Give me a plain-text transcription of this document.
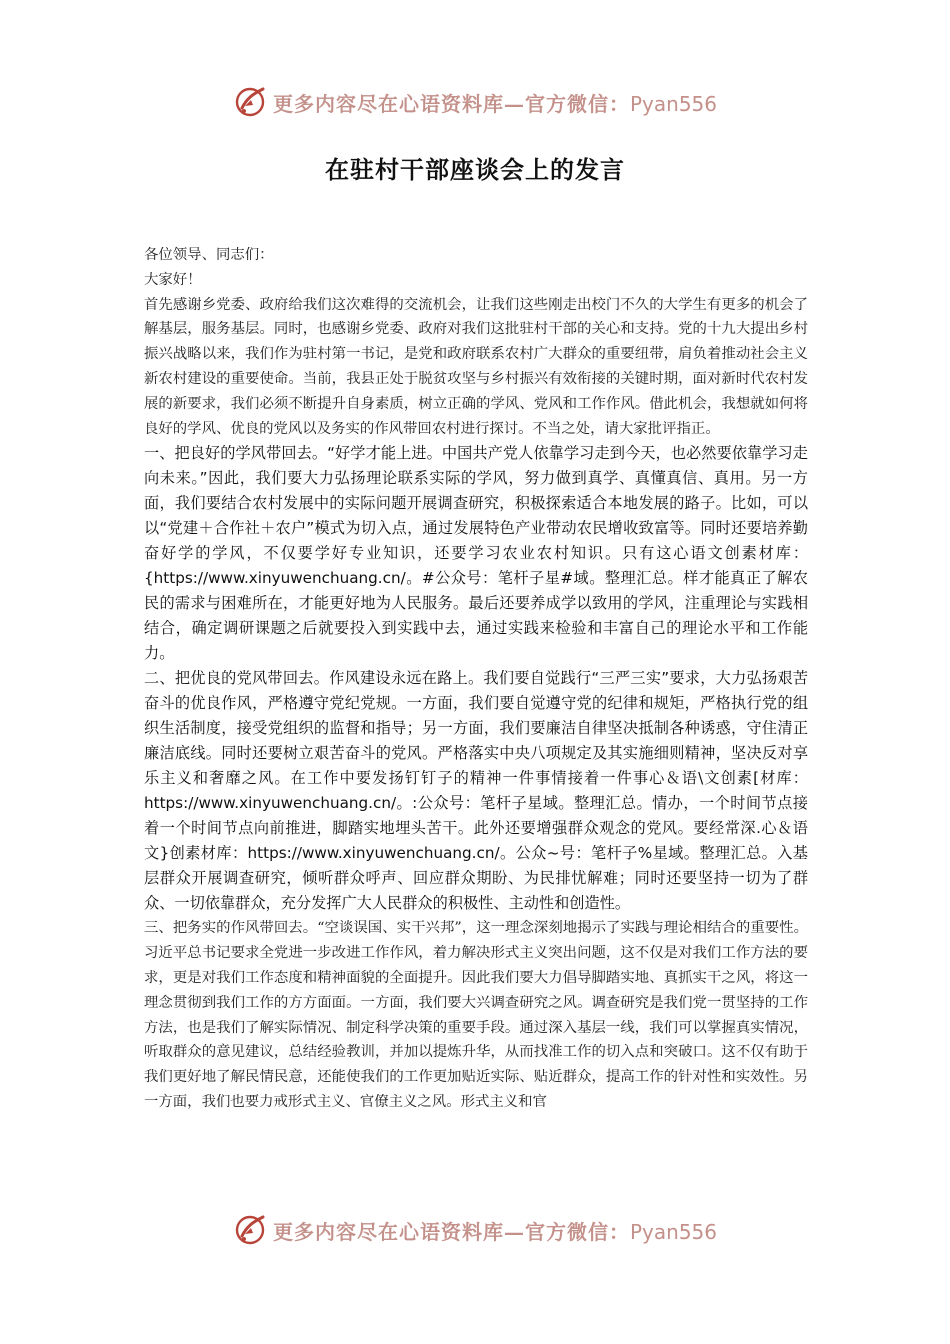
更多内容尽在心语资料库—官方微信：Pyan556
在驻村干部座谈会上的发言

各位领导、同志们：

大家好！

首先感谢乡党委、政府给我们这次难得的交流机会，让我们这些刚走出校门不久的大学生有更多的机会了解基层，服务基层。同时，也感谢乡党委、政府对我们这批驻村干部的关心和支持。党的十九大提出乡村振兴战略以来，我们作为驻村第一书记，是党和政府联系农村广大群众的重要纽带，肩负着推动社会主义新农村建设的重要使命。当前，我县正处于脱贫攻坚与乡村振兴有效衔接的关键时期，面对新时代农村发展的新要求，我们必须不断提升自身素质，树立正确的学风、党风和工作作风。借此机会，我想就如何将良好的学风、优良的党风以及务实的作风带回农村进行探讨。不当之处，请大家批评指正。

一、把良好的学风带回去。“好学才能上进。中国共产党人依靠学习走到今天，也必然要依靠学习走向未来。”因此，我们要大力弘扬理论联系实际的学风，努力做到真学、真懂真信、真用。另一方面，我们要结合农村发展中的实际问题开展调查研究，积极探索适合本地发展的路子。比如，可以以“党建＋合作社＋农户”模式为切入点，通过发展特色产业带动农民增收致富等。同时还要培养勤奋好学的学风，不仅要学好专业知识，还要学习农业农村知识。只有这心语文创素材库：{https://www.xinyuwenchuang.cn/。#公众号：笔杆子星#域。整理汇总。样才能真正了解农民的需求与困难所在，才能更好地为人民服务。最后还要养成学以致用的学风，注重理论与实践相结合，确定调研课题之后就要投入到实践中去，通过实践来检验和丰富自己的理论水平和工作能力。

二、把优良的党风带回去。作风建设永远在路上。我们要自觉践行“三严三实”要求，大力弘扬艰苦奋斗的优良作风，严格遵守党纪党规。一方面，我们要自觉遵守党的纪律和规矩，严格执行党的组织生活制度，接受党组织的监督和指导；另一方面，我们要廉洁自律坚决抵制各种诱惑，守住清正廉洁底线。同时还要树立艰苦奋斗的党风。严格落实中央八项规定及其实施细则精神，坚决反对享乐主义和奢靡之风。在工作中要发扬钉钉子的精神一件事情接着一件事心＆语\文创素[材库：https://www.xinyuwenchuang.cn/。:公众号：笔杆子星域。整理汇总。情办，一个时间节点接着一个时间节点向前推进，脚踏实地埋头苦干。此外还要增强群众观念的党风。要经常深.心＆语文}创素材库：https://www.xinyuwenchuang.cn/。公众~号：笔杆子%星域。整理汇总。入基层群众开展调查研究，倾听群众呼声、回应群众期盼、为民排忧解难；同时还要坚持一切为了群众、一切依靠群众，充分发挥广大人民群众的积极性、主动性和创造性。

三、把务实的作风带回去。“空谈误国、实干兴邦”，这一理念深刻地揭示了实践与理论相结合的重要性。习近平总书记要求全党进一步改进工作作风，着力解决形式主义突出问题，这不仅是对我们工作方法的要求，更是对我们工作态度和精神面貌的全面提升。因此我们要大力倡导脚踏实地、真抓实干之风，将这一理念贯彻到我们工作的方方面面。一方面，我们要大兴调查研究之风。调查研究是我们党一贯坚持的工作方法，也是我们了解实际情况、制定科学决策的重要手段。通过深入基层一线，我们可以掌握真实情况，听取群众的意见建议，总结经验教训，并加以提炼升华，从而找准工作的切入点和突破口。这不仅有助于我们更好地了解民情民意，还能使我们的工作更加贴近实际、贴近群众，提高工作的针对性和实效性。另一方面，我们也要力戒形式主义、官僚主义之风。形式主义和官

更多内容尽在心语资料库—官方微信：Pyan556
